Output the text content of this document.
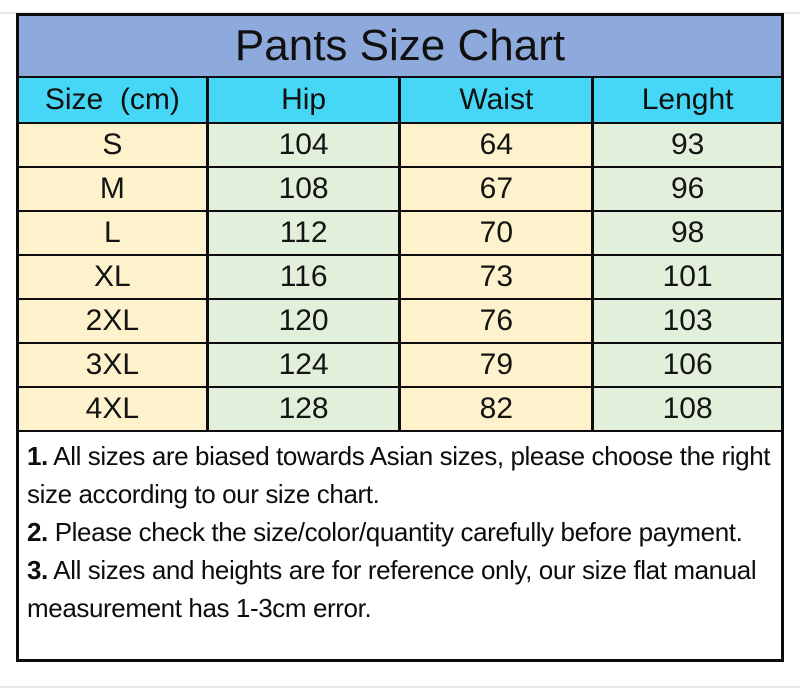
Pants Size Chart			
Size  (cm)	Hip	Waist	Lenght
S	104	64	93
M	108	67	96
L	112	70	98
XL	116	73	101
2XL	120	76	103
3XL	124	79	106
4XL	128	82	108

1. All sizes are biased towards Asian sizes, please choose the right size according to our size chart.

2. Please check the size/color/quantity carefully before payment.

3. All sizes and heights are for reference only, our size flat manual measurement has 1-3cm error.			
